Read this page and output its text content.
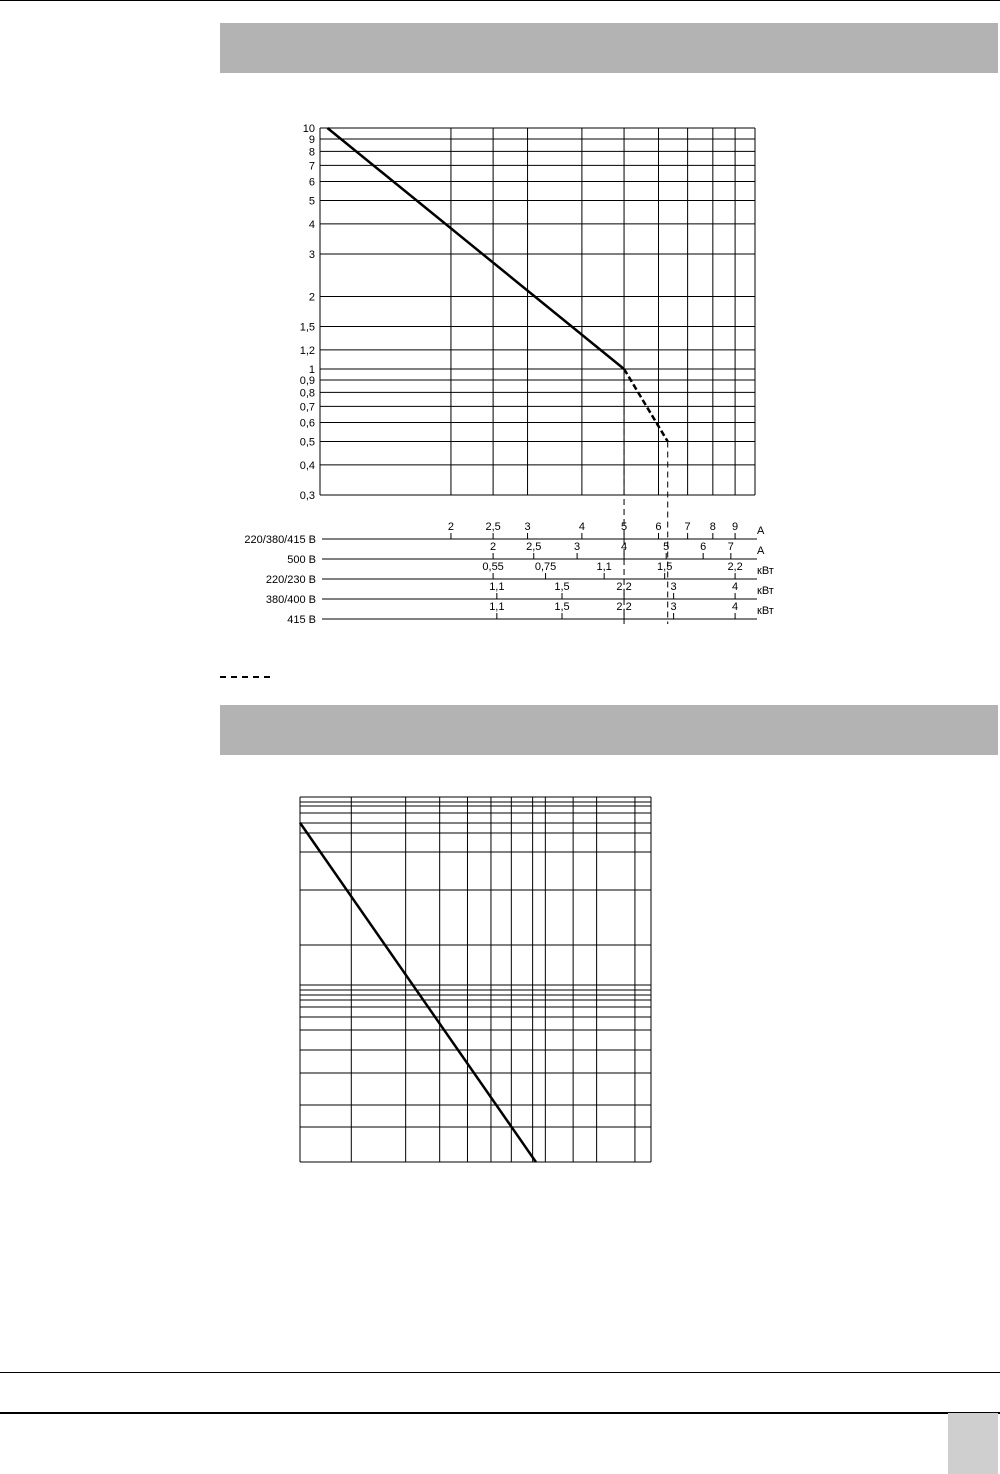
10
9
8
7
6
5
4
3
2
1,5
1,2
1
0,9
0,8
0,7
0,6
0,5
0,4
0,3
220/380/415 В
A
2	2,5 3	4	5	6 7 8 9
500 В
A
2	2,5	3	4	5	6 7
220/230 В
кВт
0,55	0,75	1,1	1,5	2,2
380/400 В
кВт
1,1	1,5	2,2	3	4
415 В
кВт
1,1	1,5	2,2	3	4
